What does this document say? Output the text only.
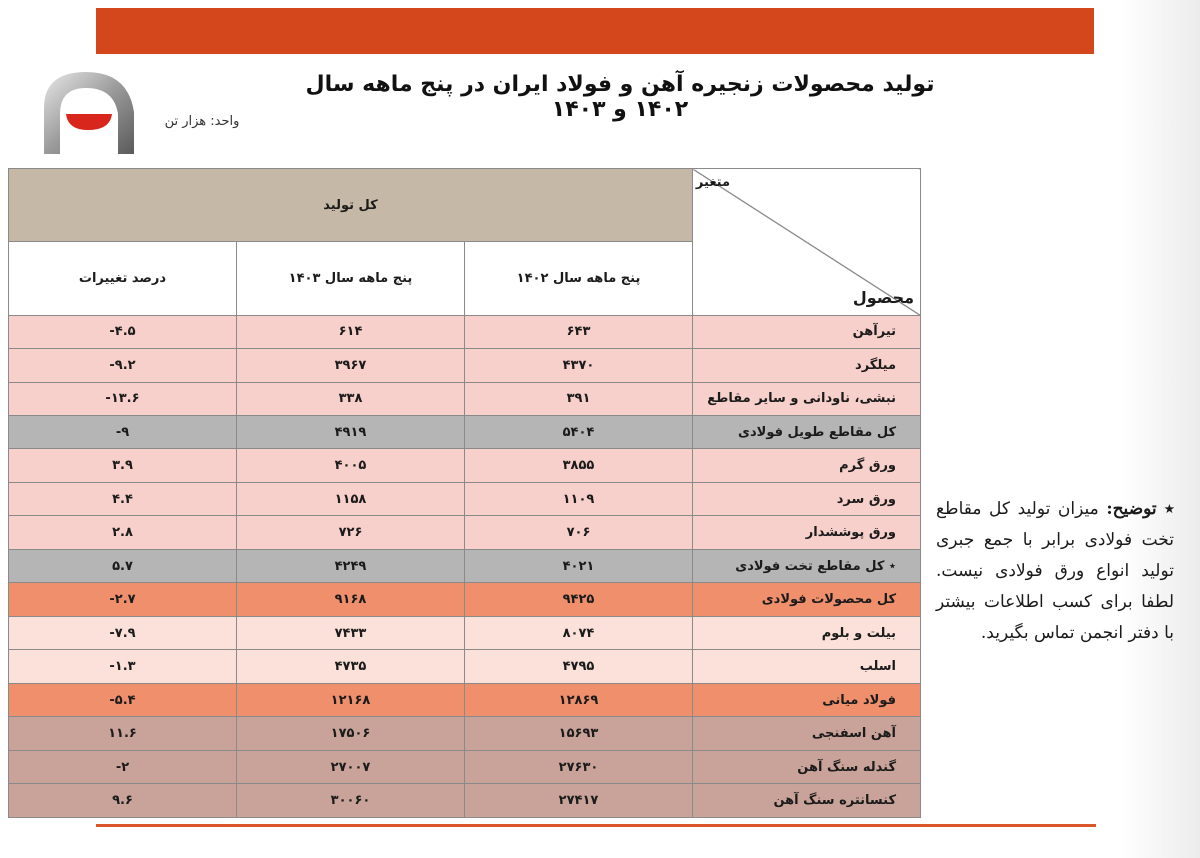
تولید محصولات زنجیره آهن و فولاد ایران در پنج ماهه سال ۱۴۰۲ و ۱۴۰۳
واحد: هزار تن
کل تولید			متغیر
محصول

درصد تغییرات	پنج ماهه سال ۱۴۰۳	پنج ماهه سال ۱۴۰۲	
-۴.۵	۶۱۴	۶۴۳	تیرآهن
-۹.۲	۳۹۶۷	۴۳۷۰	میلگرد
-۱۳.۶	۳۳۸	۳۹۱	نبشی، ناودانی و سایر مقاطع
-۹	۴۹۱۹	۵۴۰۴	کل مقاطع طویل فولادی
۳.۹	۴۰۰۵	۳۸۵۵	ورق گرم
۴.۴	۱۱۵۸	۱۱۰۹	ورق سرد
۲.۸	۷۲۶	۷۰۶	ورق پوششدار
۵.۷	۴۲۴۹	۴۰۲۱	٭ کل مقاطع تخت فولادی
-۲.۷	۹۱۶۸	۹۴۲۵	کل محصولات فولادی
-۷.۹	۷۴۳۳	۸۰۷۴	بیلت و بلوم
-۱.۳	۴۷۳۵	۴۷۹۵	اسلب
-۵.۴	۱۲۱۶۸	۱۲۸۶۹	فولاد میانی
۱۱.۶	۱۷۵۰۶	۱۵۶۹۳	آهن اسفنجی
-۲	۲۷۰۰۷	۲۷۶۳۰	گندله سنگ آهن
۹.۶	۳۰۰۶۰	۲۷۴۱۷	کنسانتره سنگ آهن
٭ توضیح: میزان تولید کل مقاطع تخت فولادی برابر با جمع جبری تولید انواع ورق فولادی نیست. لطفا برای کسب اطلاعات بیشتر با دفتر انجمن تماس بگیرید.
